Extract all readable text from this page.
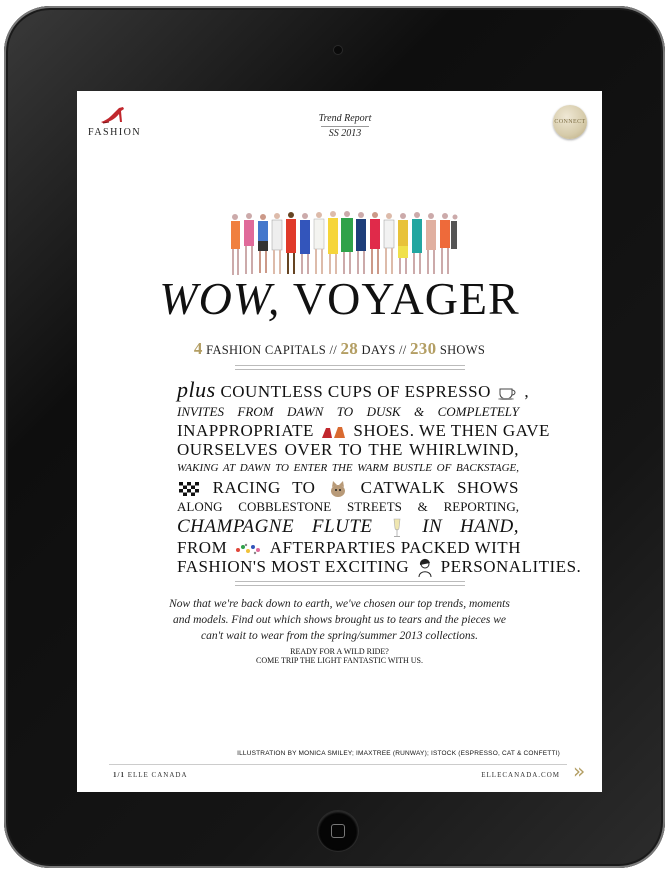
FASHION
Trend Report
SS 2013
CONNECT
WOW, VOYAGER
4 FASHION CAPITALS // 28 DAYS // 230 SHOWS
plus COUNTLESS CUPS OF ESPRESSO ,
INVITES FROM DAWN TO DUSK & COMPLETELY
INAPPROPRIATE SHOES. WE THEN GAVE
OURSELVES OVER TO THE WHIRLWIND,
WAKING AT DAWN TO ENTER THE WARM BUSTLE OF BACKSTAGE,
RACING TO	CATWALK SHOWS
ALONG COBBLESTONE STREETS & REPORTING,
CHAMPAGNE FLUTE	IN HAND,
FROM	AFTERPARTIES PACKED WITH
FASHION'S MOST EXCITING PERSONALITIES.
Now that we're back down to earth, we've chosen our top trends, moments and models. Find out which shows brought us to tears and the pieces we can't wait to wear from the spring/summer 2013 collections.
READY FOR A WILD RIDE?
COME TRIP THE LIGHT FANTASTIC WITH US.
ILLUSTRATION BY MONICA SMILEY; IMAXTREE (RUNWAY); ISTOCK (ESPRESSO, CAT & CONFETTI)
1/1 ELLE CANADA	ELLECANADA.COM »
